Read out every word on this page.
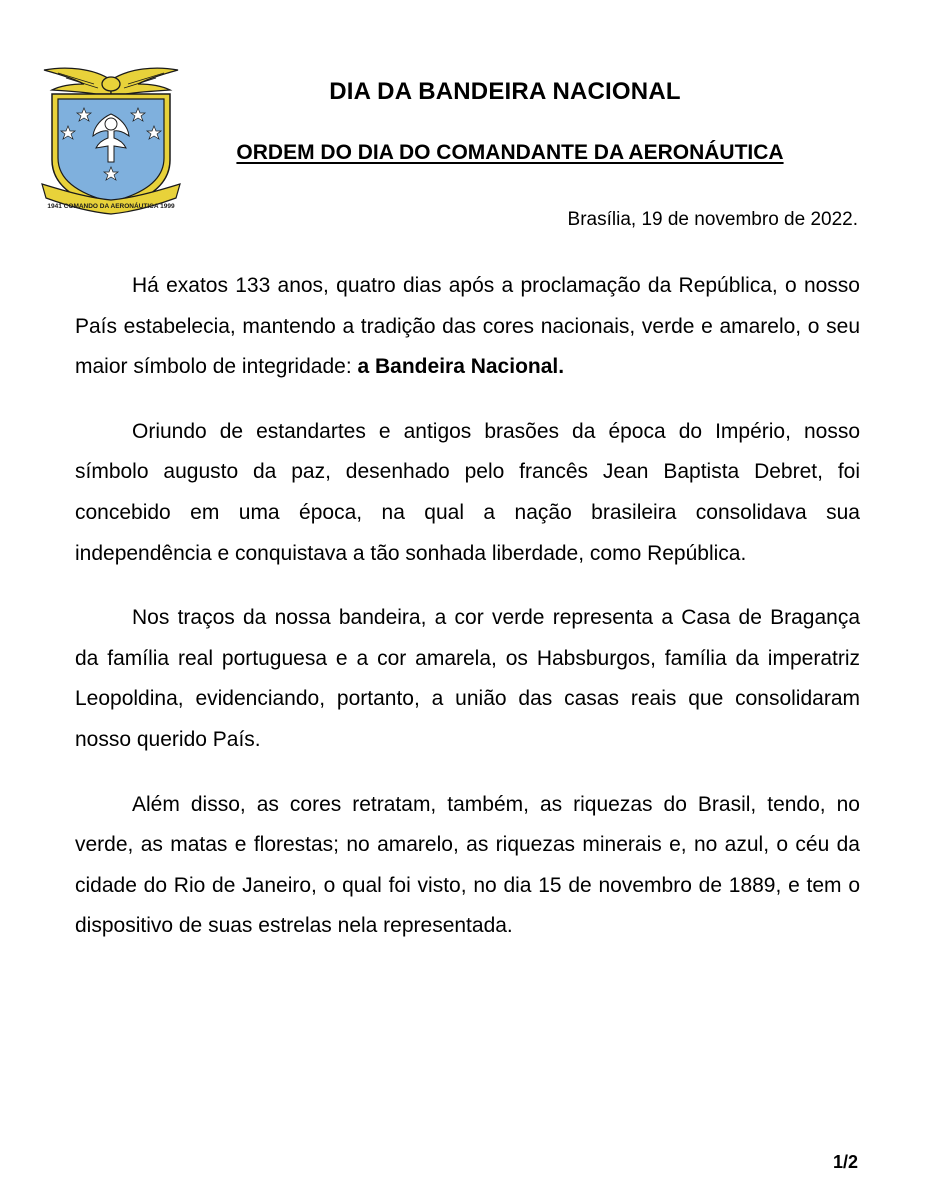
1941 COMANDO DA AERONÁUTICA 1999
DIA DA BANDEIRA NACIONAL
ORDEM DO DIA DO COMANDANTE DA AERONÁUTICA

Brasília, 19 de novembro de 2022.

Há exatos 133 anos, quatro dias após a proclamação da República, o nosso País estabelecia, mantendo a tradição das cores nacionais, verde e amarelo, o seu maior símbolo de integridade: a Bandeira Nacional.

Oriundo de estandartes e antigos brasões da época do Império, nosso símbolo augusto da paz, desenhado pelo francês Jean Baptista Debret, foi concebido em uma época, na qual a nação brasileira consolidava sua independência e conquistava a tão sonhada liberdade, como República.

Nos traços da nossa bandeira, a cor verde representa a Casa de Bragança da família real portuguesa e a cor amarela, os Habsburgos, família da imperatriz Leopoldina, evidenciando, portanto, a união das casas reais que consolidaram nosso querido País.

Além disso, as cores retratam, também, as riquezas do Brasil, tendo, no verde, as matas e florestas; no amarelo, as riquezas minerais e, no azul, o céu da cidade do Rio de Janeiro, o qual foi visto, no dia 15 de novembro de 1889, e tem o dispositivo de suas estrelas nela representada.

1/2
